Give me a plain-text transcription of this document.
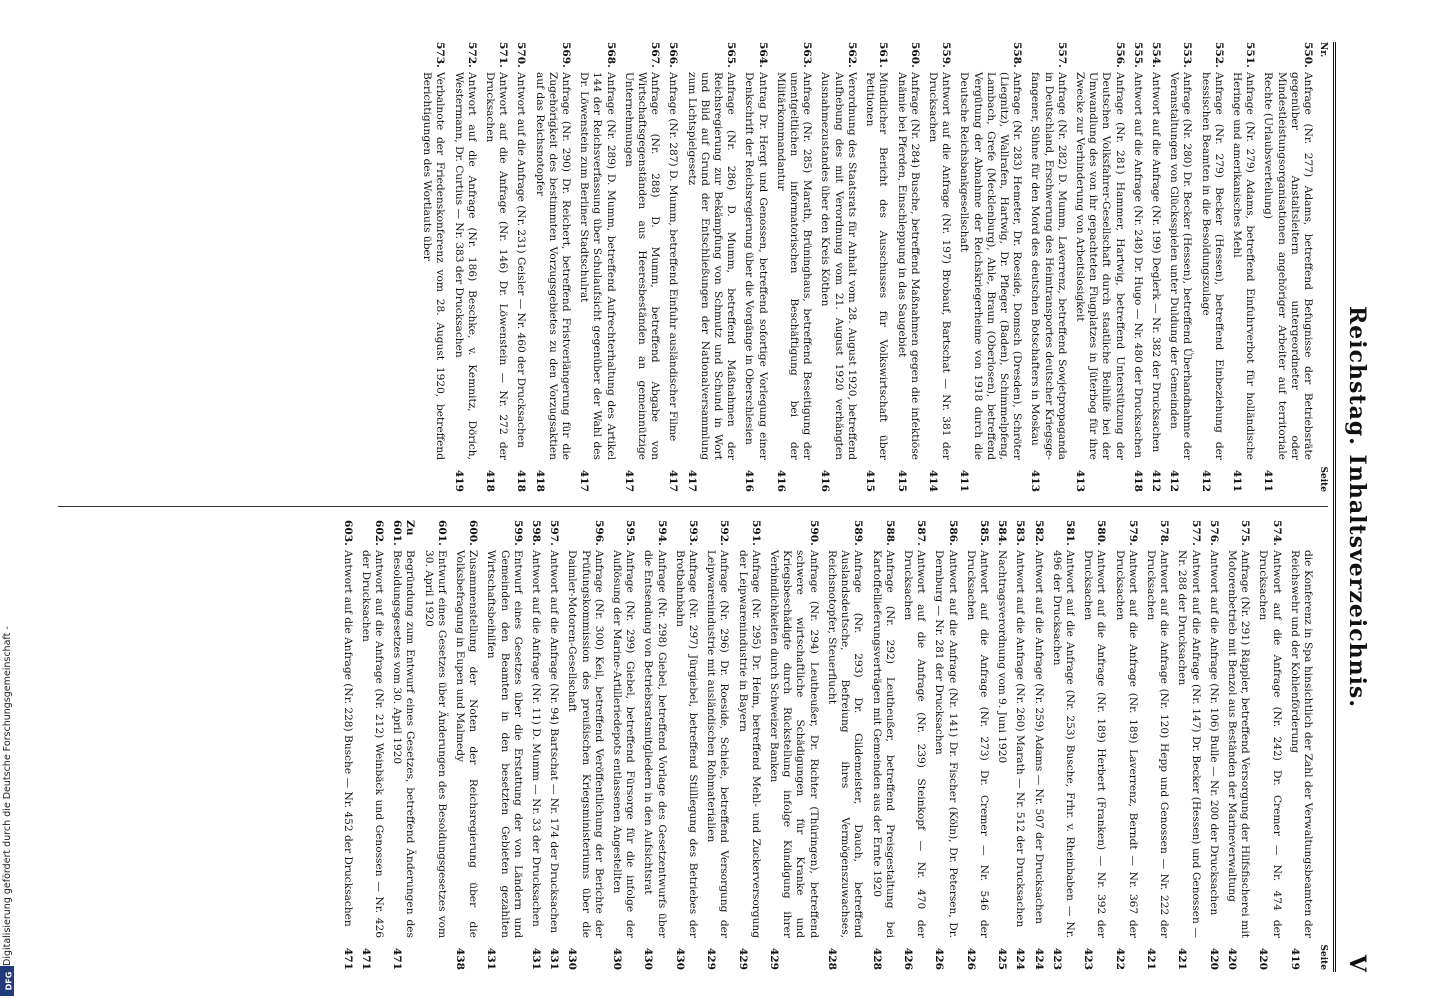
Reichstag. Inhaltsverzeichnis.
V
Nr.
Seite
550.
Anfrage (Nr. 277) Adams, betreffend Befugnisse der Betriebsräte gegenüber Anstaltsleitern untergeordneter oder Mindestleistungsorganisationen angehöriger Arbeiter auf territoriale Rechte (Urlaubsverteilung)
411
551.
Anfrage (Nr. 279) Adams, betreffend Einfuhrverbot für holländische Heringe und amerikanisches Mehl
411
552.
Anfrage (Nr. 279) Becker (Hessen), betreffend Einbeziehung der hessischen Beamten in die Besoldungszulage
412
553.
Anfrage (Nr. 280) Dr. Becker (Hessen), betreffend Überhandnahme der Veranstaltungen von Glücksspielen unter Duldung der Gemeinden
412
554.
Antwort auf die Anfrage (Nr. 199) Deglerk — Nr. 382 der Drucksachen
412
555.
Antwort auf die Anfrage (Nr. 248) Dr. Hugo — Nr. 480 der Drucksachen
418
556.
Anfrage (Nr. 281) Hammer, Hartwig, betreffend Unterstützung der Deutschen Volksfahrer-Gesellschaft durch staatliche Beihilfe bei der Umwandlung des von ihr gepachteten Flugplatzes in Jüterbog für ihre Zwecke zur Verhinderung von Arbeitslosigkeit
413
557.
Anfrage (Nr. 282) D. Mumm, Laverrenz, betreffend Sowjetpropaganda in Deutschland, Erschwerung des Heimtransportes deutscher Kriegsgefangener, Sühne für den Mord des deutschen Botschafters in Moskau
413
558.
Anfrage (Nr. 283) Hemeter, Dr. Roeside, Domsch (Dresden), Schröter (Liegnitz), Wallrafen, Hartwig, Dr. Pfleger (Baden), Schimmelpfeng, Lambach, Grefe (Mecklenburg), Ahle, Braun (Oberlosen), betreffend Vergütung der Abnahme der Reichskriegerheime von 1918 durch die Deutsche Reichsbankgesellschaft
411
559.
Antwort auf die Anfrage (Nr. 197) Brobauf, Bartschat — Nr. 381 der Drucksachen
414
560.
Anfrage (Nr. 284) Busche, betreffend Maßnahmen gegen die infektiöse Anämie bei Pferden, Einschleppung in das Saugebiet
415
561.
Mündlicher Bericht des Ausschusses für Volkswirtschaft über Petitionen
415
562.
Verordnung des Staatsrats für Anhalt vom 28. August 1920, betreffend Aufhebung des mit Verordnung vom 21. August 1920 verhängten Ausnahmezustandes über den Kreis Köthen
416
563.
Anfrage (Nr. 285) Marath, Brüninghaus, betreffend Beseitigung der unentgeltlichen informatorischen Beschäftigung bei der Militärkommandantur
416
564.
Antrag Dr. Hergt und Genossen, betreffend sofortige Vorlegung einer Denkschrift der Reichsregierung über die Vorgänge in Oberschlesien
416
565.
Anfrage (Nr. 286) D. Mumm, betreffend Maßnahmen der Reichsregierung zur Bekämpfung von Schmutz und Schund in Wort und Bild auf Grund der Entschließungen der Nationalversammlung zum Lichtspielgesetz
417
566.
Anfrage (Nr. 287) D. Mumm, betreffend Einfuhr ausländischer Filme
417
567.
Anfrage (Nr. 288) D. Mumm, betreffend Abgabe von Wirtschaftsgegenständen aus Heeresbeständen an gemeinnützige Unternehmungen
417
568.
Anfrage (Nr. 289) D. Mumm, betreffend Aufrechterhaltung des Artikel 144 der Reichsverfassung über Schulaufsicht gegenüber der Wahl des Dr. Löwenstein zum Berliner Stadtschulrat
417
569.
Anfrage (Nr. 290) Dr. Reichert, betreffend Fristverlängerung für die Zugehörigkeit des bestimmten Vorzugsgebietes zu den Vorzugsaktien auf das Reichsnotopfer
418
570.
Antwort auf die Anfrage (Nr. 231) Geisler — Nr. 460 der Drucksachen
418
571.
Antwort auf die Anfrage (Nr. 146) Dr. Löwenstein — Nr. 272 der Drucksachen
418
572.
Antwort auf die Anfrage (Nr. 186) Beschke, v. Kemnitz, Dörich, Westermann, Dr. Curtius — Nr. 383 der Drucksachen
419
573.
Verbalnote der Friedenskonferenz vom 28. August 1920, betreffend Berichtigungen des Wortlauts über
Seite
die Konferenz in Spa hinsichtlich der Zahl der Verwaltungsbeamten der Reichswehr und der Kohlenförderung
419
574.
Antwort auf die Anfrage (Nr. 242) Dr. Cremer — Nr. 474 der Drucksachen
420
575.
Anfrage (Nr. 291) Räppler, betreffend Versorgung der Hilfsfischerei mit Motorenbetrieb mit Benzol aus Beständen der Marineverwaltung
420
576.
Antwort auf die Anfrage (Nr. 106) Bulle — Nr. 200 der Drucksachen
420
577.
Antwort auf die Anfrage (Nr. 147) Dr. Becker (Hessen) und Genossen — Nr. 288 der Drucksachen
421
578.
Antwort auf die Anfrage (Nr. 120) Hepp und Genossen — Nr. 222 der Drucksachen
421
579.
Antwort auf die Anfrage (Nr. 189) Laverrenz, Berndt — Nr. 367 der Drucksachen
422
580.
Antwort auf die Anfrage (Nr. 189) Herbert (Franken) — Nr. 392 der Drucksachen
423
581.
Antwort auf die Anfrage (Nr. 253) Busche, Frhr. v. Rheinbaben — Nr. 496 der Drucksachen
423
582.
Antwort auf die Anfrage (Nr. 259) Adams — Nr. 507 der Drucksachen
424
583.
Antwort auf die Anfrage (Nr. 260) Marath — Nr. 512 der Drucksachen
424
584.
Nachtragsverordnung vom 9. Juni 1920
425
585.
Antwort auf die Anfrage (Nr. 273) Dr. Cremer — Nr. 546 der Drucksachen
426
586.
Antwort auf die Anfrage (Nr. 141) Dr. Fischer (Köln), Dr. Petersen, Dr. Dernburg — Nr. 281 der Drucksachen
426
587.
Antwort auf die Anfrage (Nr. 239) Steinkopf — Nr. 470 der Drucksachen
426
588.
Anfrage (Nr. 292) Leutheußer, betreffend Preisgestaltung bei Kartoffellieferungsverträgen mit Gemeinden aus der Ernte 1920
428
589.
Anfrage (Nr. 293) Dr. Gildemeister, Dauch, betreffend Auslandsdeutsche, Befreiung ihres Vermögenszuwachses, Reichsnotopfer, Steuerflucht
428
590.
Anfrage (Nr. 294) Leutheußer, Dr. Richter (Thüringen), betreffend schwere wirtschaftliche Schädigungen für Kranke und Kriegsbeschädigte durch Rückstellung infolge Kündigung ihrer Verbindlichkeiten durch Schweizer Banken
429
591.
Anfrage (Nr. 295) Dr. Heim, betreffend Mehl- und Zuckerversorgung der Leipwarenindustrie in Bayern
429
592.
Anfrage (Nr. 296) Dr. Roeside, Schiele, betreffend Versorgung der Leipwarenindustrie mit ausländischen Rohmaterialien
429
593.
Anfrage (Nr. 297) Jürgiebel, betreffend Stilllegung des Betriebes der Brotbahnbahn
430
594.
Anfrage (Nr. 298) Giebel, betreffend Vorlage des Gesetzentwurfs über die Entsendung von Betriebsratsmitgliedern in den Aufsichtsrat
430
595.
Anfrage (Nr. 299) Giebel, betreffend Fürsorge für die infolge der Auflösung der Marine-Artilleriedepots entlassenen Angestellten
430
596.
Anfrage (Nr. 300) Keil, betreffend Veröffentlichung der Berichte der Prüfungskommission des preußischen Kriegsministeriums über die Daimler-Motoren-Gesellschaft
430
597.
Antwort auf die Anfrage (Nr. 94) Bartschat — Nr. 174 der Drucksachen
431
598.
Antwort auf die Anfrage (Nr. 11) D. Mumm — Nr. 33 der Drucksachen
431
599.
Entwurf eines Gesetzes über die Erstattung der von Ländern und Gemeinden den Beamten in den besetzten Gebieten gezahlten Wirtschaftsbeihilfen
431
600.
Zusammenstellung der Noten der Reichsregierung über die Volksbefragung in Eupen und Malmedy
438
601.
Entwurf eines Gesetzes über Änderungen des Besoldungsgesetzes vom 30. April 1920
Zu 601.
Begründung zum Entwurf eines Gesetzes, betreffend Änderungen des Besoldungsgesetzes vom 30. April 1920
471
602.
Antwort auf die Anfrage (Nr. 212) Weinbäck und Genossen — Nr. 426 der Drucksachen
471
603.
Antwort auf die Anfrage (Nr. 228) Busche — Nr. 452 der Drucksachen
471
Digitalisierung gefördert durch die Deutsche Forschungsgemeinschaft -
DFG
